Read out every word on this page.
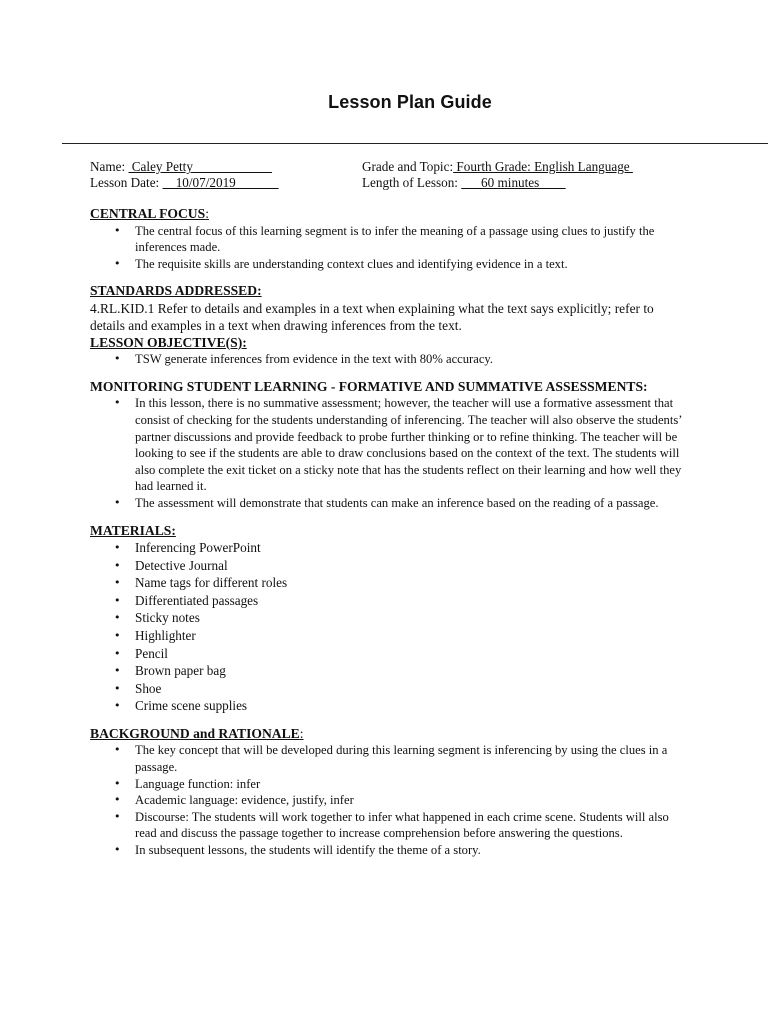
Lesson Plan Guide
Name:  Caley Petty	Grade and Topic: Fourth Grade: English Language
Lesson Date:     10/07/2019	Length of Lesson:       60 minutes
CENTRAL FOCUS:
• The central focus of this learning segment is to infer the meaning of a passage using clues to justify the inferences made.
• The requisite skills are understanding context clues and identifying evidence in a text.
STANDARDS ADDRESSED:
4.RL.KID.1 Refer to details and examples in a text when explaining what the text says explicitly; refer to details and examples in a text when drawing inferences from the text.
LESSON OBJECTIVE(S):
• TSW generate inferences from evidence in the text with 80% accuracy.
MONITORING STUDENT LEARNING - FORMATIVE AND SUMMATIVE ASSESSMENTS:
• In this lesson, there is no summative assessment; however, the teacher will use a formative assessment that consist of checking for the students understanding of inferencing. The teacher will also observe the students’ partner discussions and provide feedback to probe further thinking or to refine thinking. The teacher will be looking to see if the students are able to draw conclusions based on the context of the text. The students will also complete the exit ticket on a sticky note that has the students reflect on their learning and how well they had learned it.
• The assessment will demonstrate that students can make an inference based on the reading of a passage.
MATERIALS:
• Inferencing PowerPoint
• Detective Journal
• Name tags for different roles
• Differentiated passages
• Sticky notes
• Highlighter
• Pencil
• Brown paper bag
• Shoe
• Crime scene supplies
BACKGROUND and RATIONALE:
• The key concept that will be developed during this learning segment is inferencing by using the clues in a passage.
• Language function: infer
• Academic language: evidence, justify, infer
• Discourse: The students will work together to infer what happened in each crime scene. Students will also read and discuss the passage together to increase comprehension before answering the questions.
• In subsequent lessons, the students will identify the theme of a story.
